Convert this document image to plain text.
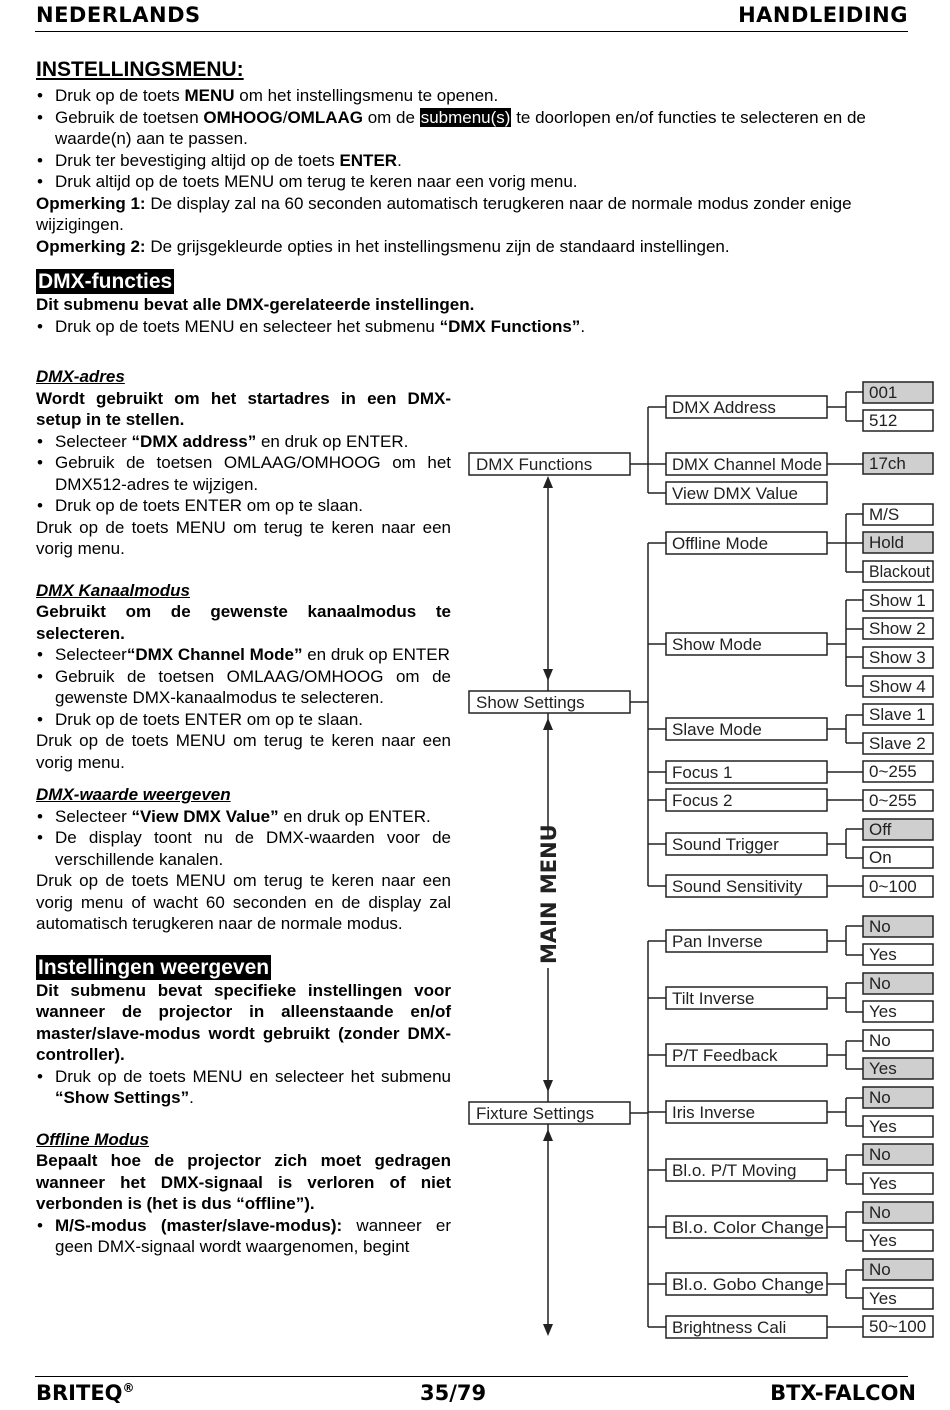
NEDERLANDS	HANDLEIDING
INSTELLINGSMENU:
• Druk op de toets MENU om het instellingsmenu te openen.
• Gebruik de toetsen OMHOOG/OMLAAG om de submenu(s) te doorlopen en/of functies te selecteren en de waarde(n) aan te passen.
• Druk ter bevestiging altijd op de toets ENTER.
• Druk altijd op de toets MENU om terug te keren naar een vorig menu.
Opmerking 1: De display zal na 60 seconden automatisch terugkeren naar de normale modus zonder enige wijzigingen.
Opmerking 2: De grijsgekleurde opties in het instellingsmenu zijn de standaard instellingen.
DMX-functies
Dit submenu bevat alle DMX-gerelateerde instellingen.
• Druk op de toets MENU en selecteer het submenu “DMX Functions”.
DMX-adres
Wordt gebruikt om het startadres in een DMX-setup in te stellen.
• Selecteer “DMX address” en druk op ENTER.
• Gebruik de toetsen OMLAAG/OMHOOG om het DMX512-adres te wijzigen.
• Druk op de toets ENTER om op te slaan.
Druk op de toets MENU om terug te keren naar een vorig menu.
DMX Kanaalmodus
Gebruikt om de gewenste kanaalmodus te selecteren.
• Selecteer“DMX Channel Mode” en druk op ENTER
• Gebruik de toetsen OMLAAG/OMHOOG om de gewenste DMX-kanaalmodus te selecteren.
• Druk op de toets ENTER om op te slaan.
Druk op de toets MENU om terug te keren naar een vorig menu.
DMX-waarde weergeven
• Selecteer “View DMX Value” en druk op ENTER.
• De display toont nu de DMX-waarden voor de verschillende kanalen.
Druk op de toets MENU om terug te keren naar een vorig menu of wacht 60 seconden en de display zal automatisch terugkeren naar de normale modus.
Instellingen weergeven
Dit submenu bevat specifieke instellingen voor wanneer de projector in alleenstaande en/of master/slave-modus wordt gebruikt (zonder DMX-controller).
• Druk op de toets MENU en selecteer het submenu “Show Settings”.
Offline Modus
Bepaalt hoe de projector zich moet gedragen wanneer het DMX-signaal is verloren of niet verbonden is (het is dus “offline”).
• M/S-modus (master/slave-modus): wanneer er geen DMX-signaal wordt waargenomen, begint
MAIN MENU
DMX Functions
Show Settings
Fixture Settings
DMX Address
DMX Channel Mode
View DMX Value
Offline Mode
Show Mode
Slave Mode
Focus 1
Focus 2
Sound Trigger
Sound Sensitivity
Pan Inverse
Tilt Inverse
P/T Feedback
Iris Inverse
Bl.o. P/T Moving
Bl.o. Color Change
Bl.o. Gobo Change
Brightness Cali
001
512
17ch
M/S
Hold
Blackout
Show 1
Show 2
Show 3
Show 4
Slave 1
Slave 2
0~255
0~255
Off
On
0~100
No
Yes
No
Yes
No
Yes
No
Yes
No
Yes
No
Yes
No
Yes
50~100
BRITEQ®	35/79	BTX-FALCON
